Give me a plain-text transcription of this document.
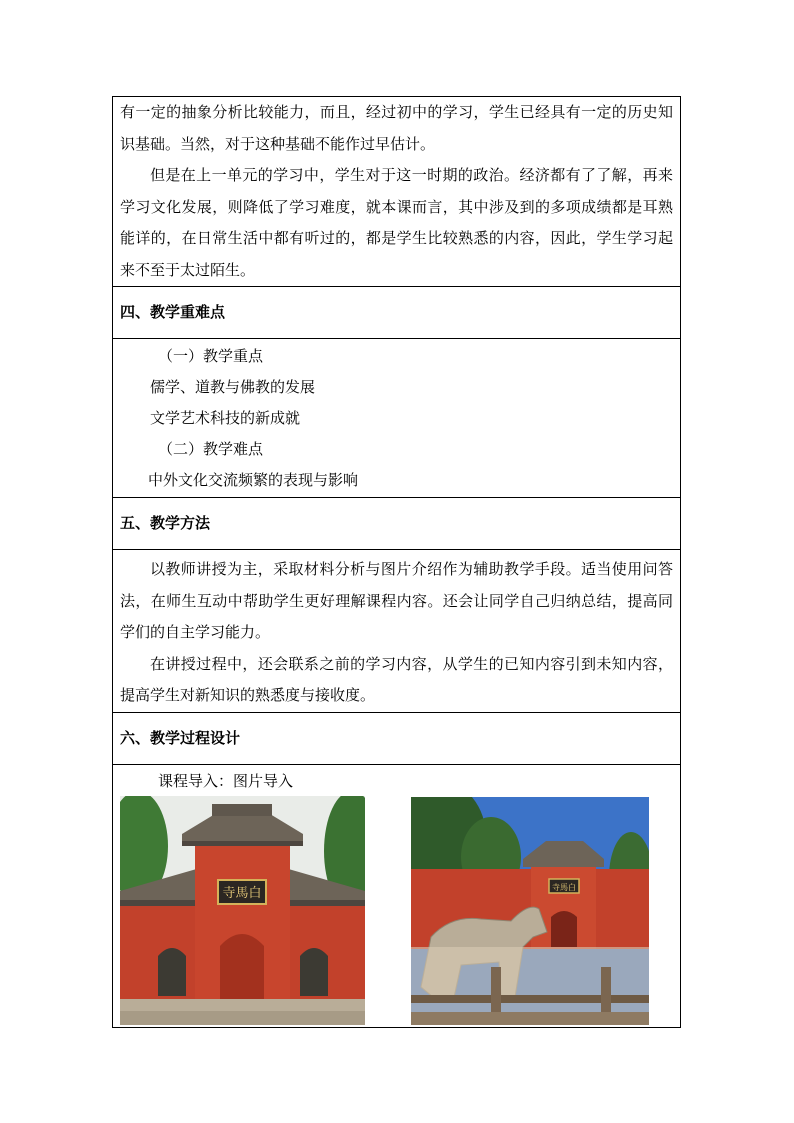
有一定的抽象分析比较能力，而且，经过初中的学习，学生已经具有一定的历史知识基础。当然，对于这种基础不能作过早估计。

但是在上一单元的学习中，学生对于这一时期的政治。经济都有了了解，再来学习文化发展，则降低了学习难度，就本课而言，其中涉及到的多项成绩都是耳熟能详的，在日常生活中都有听过的，都是学生比较熟悉的内容，因此，学生学习起来不至于太过陌生。

四、教学重难点

（一）教学重点

儒学、道教与佛教的发展

文学艺术科技的新成就

（二）教学难点

中外文化交流频繁的表现与影响

五、教学方法

以教师讲授为主，采取材料分析与图片介绍作为辅助教学手段。适当使用问答法，在师生互动中帮助学生更好理解课程内容。还会让同学自己归纳总结，提高同学们的自主学习能力。

在讲授过程中，还会联系之前的学习内容，从学生的已知内容引到未知内容，提高学生对新知识的熟悉度与接收度。

六、教学过程设计

课程导入：图片导入

寺馬白	寺馬白
